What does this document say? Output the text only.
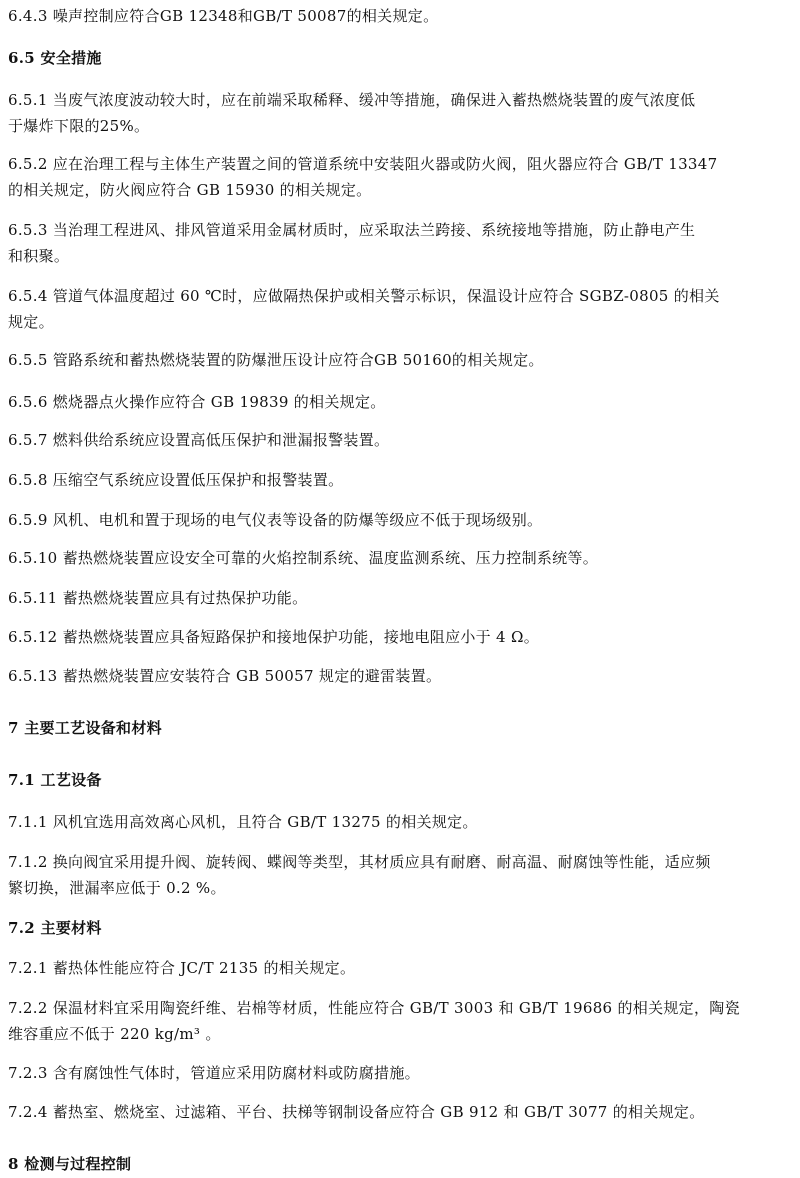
6.4.3 噪声控制应符合GB 12348和GB/T 50087的相关规定。
6.5 安全措施
6.5.1 当废气浓度波动较大时，应在前端采取稀释、缓冲等措施，确保进入蓄热燃烧装置的废气浓度低
于爆炸下限的25%。
6.5.2 应在治理工程与主体生产装置之间的管道系统中安装阻火器或防火阀，阻火器应符合 GB/T 13347
的相关规定，防火阀应符合 GB 15930 的相关规定。
6.5.3 当治理工程进风、排风管道采用金属材质时，应采取法兰跨接、系统接地等措施，防止静电产生
和积聚。
6.5.4 管道气体温度超过 60 ℃时，应做隔热保护或相关警示标识，保温设计应符合 SGBZ-0805 的相关
规定。
6.5.5 管路系统和蓄热燃烧装置的防爆泄压设计应符合GB 50160的相关规定。
6.5.6 燃烧器点火操作应符合 GB 19839 的相关规定。
6.5.7 燃料供给系统应设置高低压保护和泄漏报警装置。
6.5.8 压缩空气系统应设置低压保护和报警装置。
6.5.9 风机、电机和置于现场的电气仪表等设备的防爆等级应不低于现场级别。
6.5.10 蓄热燃烧装置应设安全可靠的火焰控制系统、温度监测系统、压力控制系统等。
6.5.11 蓄热燃烧装置应具有过热保护功能。
6.5.12 蓄热燃烧装置应具备短路保护和接地保护功能，接地电阻应小于 4 Ω。
6.5.13 蓄热燃烧装置应安装符合 GB 50057 规定的避雷装置。
7 主要工艺设备和材料
7.1 工艺设备
7.1.1 风机宜选用高效离心风机，且符合 GB/T 13275 的相关规定。
7.1.2 换向阀宜采用提升阀、旋转阀、蝶阀等类型，其材质应具有耐磨、耐高温、耐腐蚀等性能，适应频
繁切换，泄漏率应低于 0.2 %。
7.2 主要材料
7.2.1 蓄热体性能应符合 JC/T 2135 的相关规定。
7.2.2 保温材料宜采用陶瓷纤维、岩棉等材质，性能应符合 GB/T 3003 和 GB/T 19686 的相关规定，陶瓷
维容重应不低于 220 kg/m³ 。
7.2.3 含有腐蚀性气体时，管道应采用防腐材料或防腐措施。
7.2.4 蓄热室、燃烧室、过滤箱、平台、扶梯等钢制设备应符合 GB 912 和 GB/T 3077 的相关规定。
8 检测与过程控制
